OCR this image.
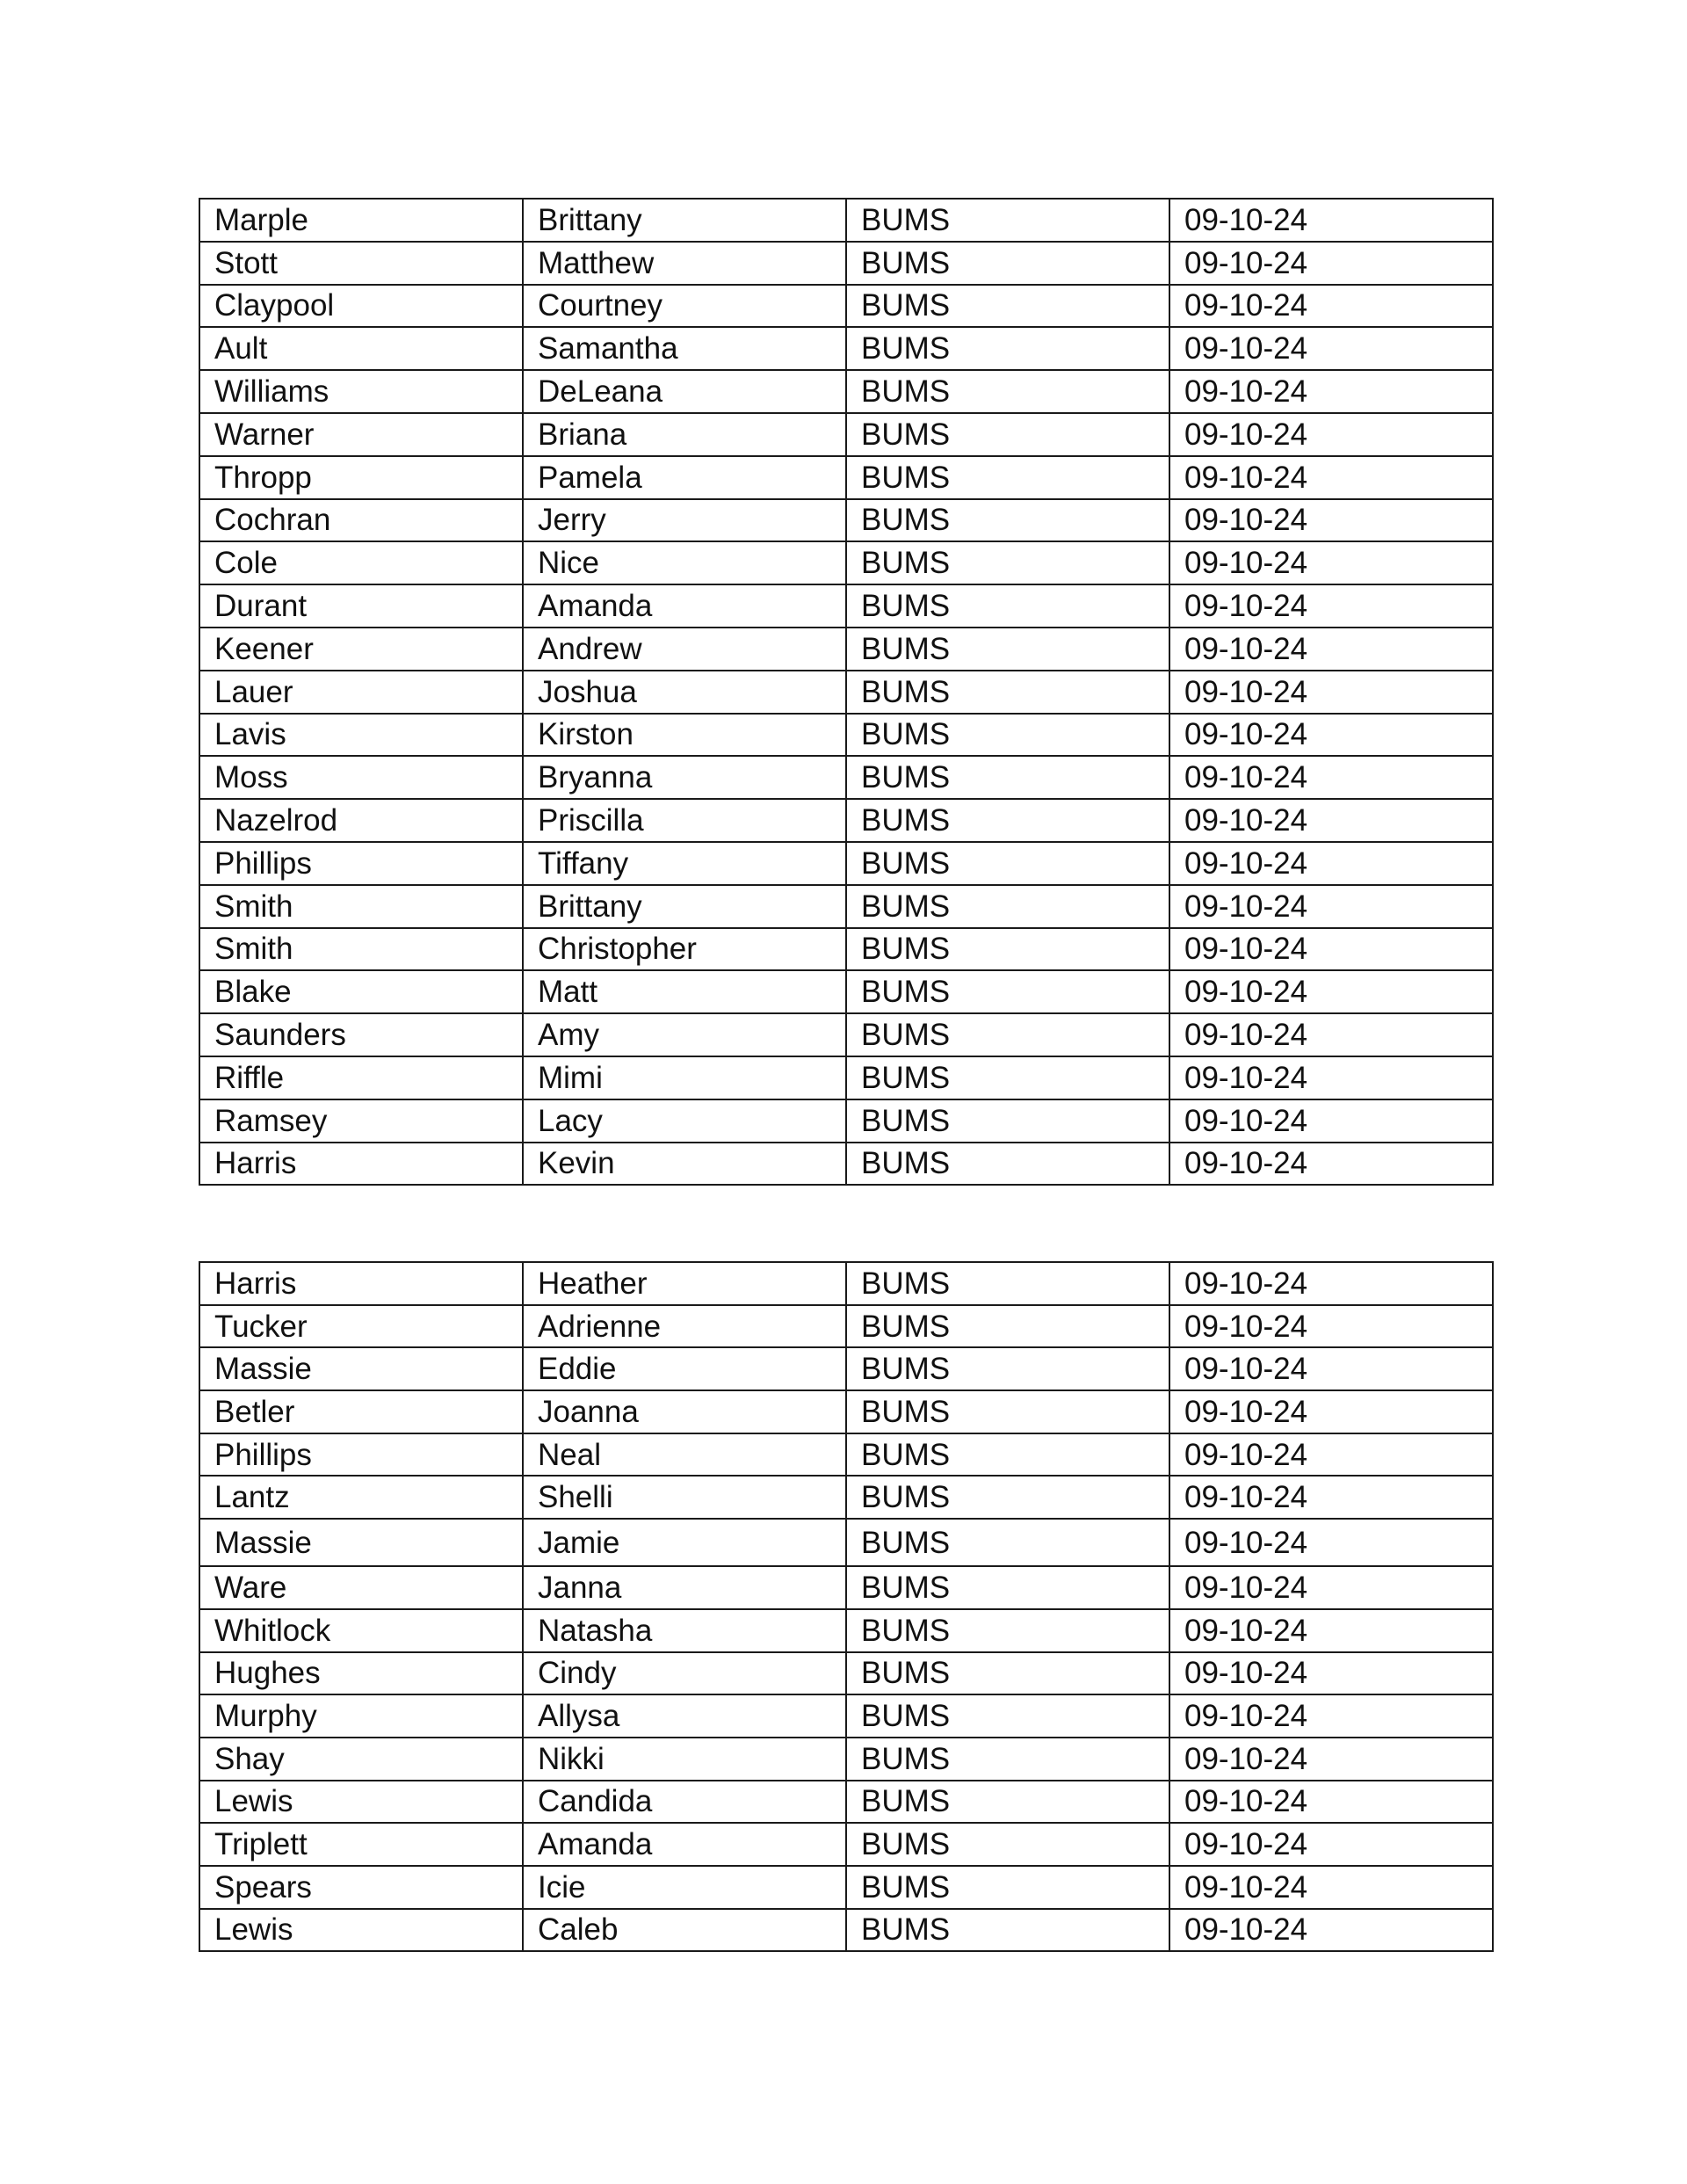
Marple	Brittany	BUMS	09-10-24
Stott	Matthew	BUMS	09-10-24
Claypool	Courtney	BUMS	09-10-24
Ault	Samantha	BUMS	09-10-24
Williams	DeLeana	BUMS	09-10-24
Warner	Briana	BUMS	09-10-24
Thropp	Pamela	BUMS	09-10-24
Cochran	Jerry	BUMS	09-10-24
Cole	Nice	BUMS	09-10-24
Durant	Amanda	BUMS	09-10-24
Keener	Andrew	BUMS	09-10-24
Lauer	Joshua	BUMS	09-10-24
Lavis	Kirston	BUMS	09-10-24
Moss	Bryanna	BUMS	09-10-24
Nazelrod	Priscilla	BUMS	09-10-24
Phillips	Tiffany	BUMS	09-10-24
Smith	Brittany	BUMS	09-10-24
Smith	Christopher	BUMS	09-10-24
Blake	Matt	BUMS	09-10-24
Saunders	Amy	BUMS	09-10-24
Riffle	Mimi	BUMS	09-10-24
Ramsey	Lacy	BUMS	09-10-24
Harris	Kevin	BUMS	09-10-24
Harris	Heather	BUMS	09-10-24
Tucker	Adrienne	BUMS	09-10-24
Massie	Eddie	BUMS	09-10-24
Betler	Joanna	BUMS	09-10-24
Phillips	Neal	BUMS	09-10-24
Lantz	Shelli	BUMS	09-10-24
Massie	Jamie	BUMS	09-10-24
Ware	Janna	BUMS	09-10-24
Whitlock	Natasha	BUMS	09-10-24
Hughes	Cindy	BUMS	09-10-24
Murphy	Allysa	BUMS	09-10-24
Shay	Nikki	BUMS	09-10-24
Lewis	Candida	BUMS	09-10-24
Triplett	Amanda	BUMS	09-10-24
Spears	Icie	BUMS	09-10-24
Lewis	Caleb	BUMS	09-10-24
